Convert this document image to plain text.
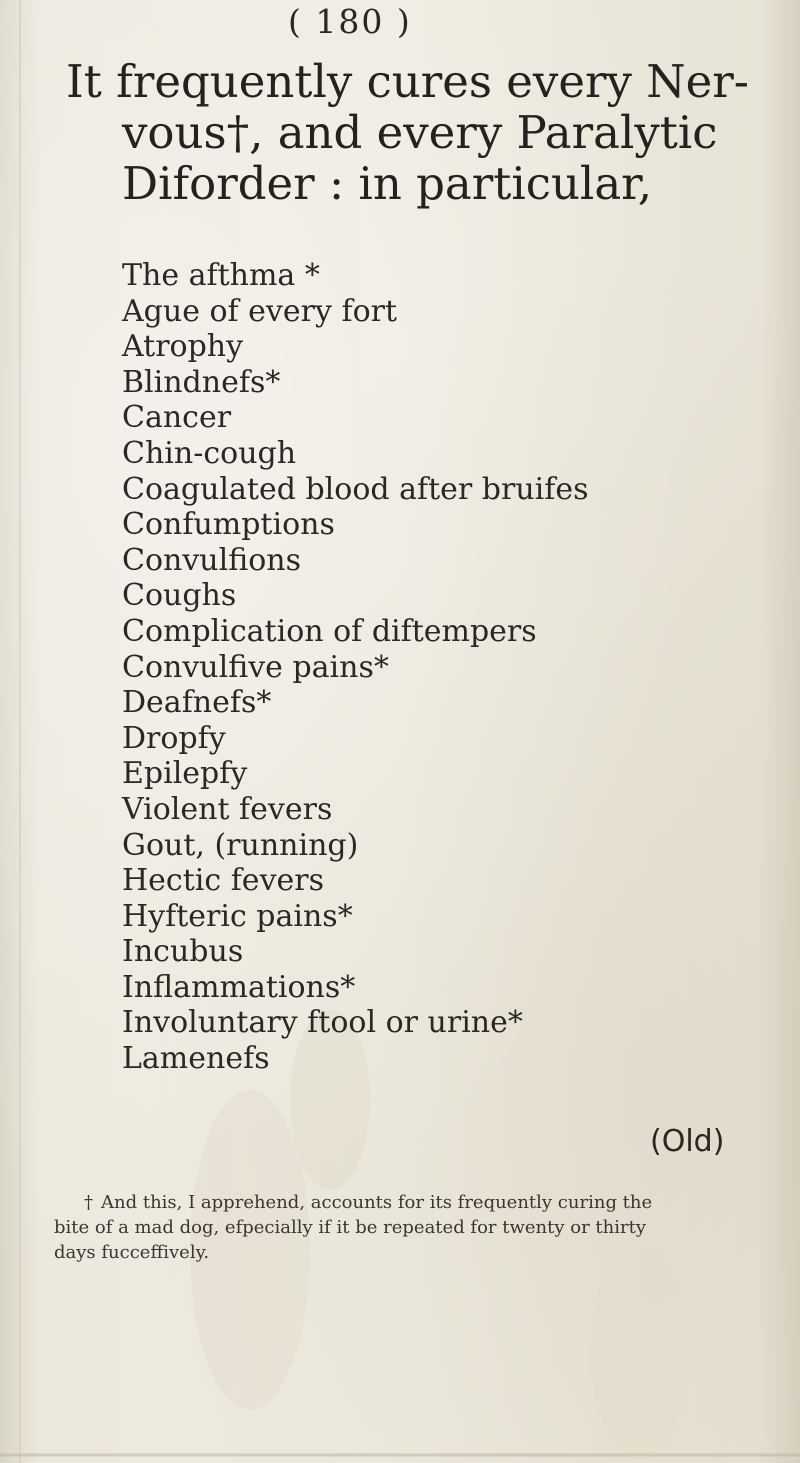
( 180 )
It frequently cures every Ner-
vous†, and every Paralytic
Diforder : in particular,
The afthma *
Ague of every fort
Atrophy
Blindnefs*
Cancer
Chin-cough
Coagulated blood after bruifes
Confumptions
Convulfions
Coughs
Complication of diftempers
Convulfive pains*
Deafnefs*
Dropfy
Epilepfy
Violent fevers
Gout, (running)
Hectic fevers
Hyfteric pains*
Incubus
Inflammations*
Involuntary ftool or urine*
Lamenefs
(Old)

† And this, I apprehend, accounts for its frequently curing the
bite of a mad dog, efpecially if it be repeated for twenty or thirty
days fucceffively.
